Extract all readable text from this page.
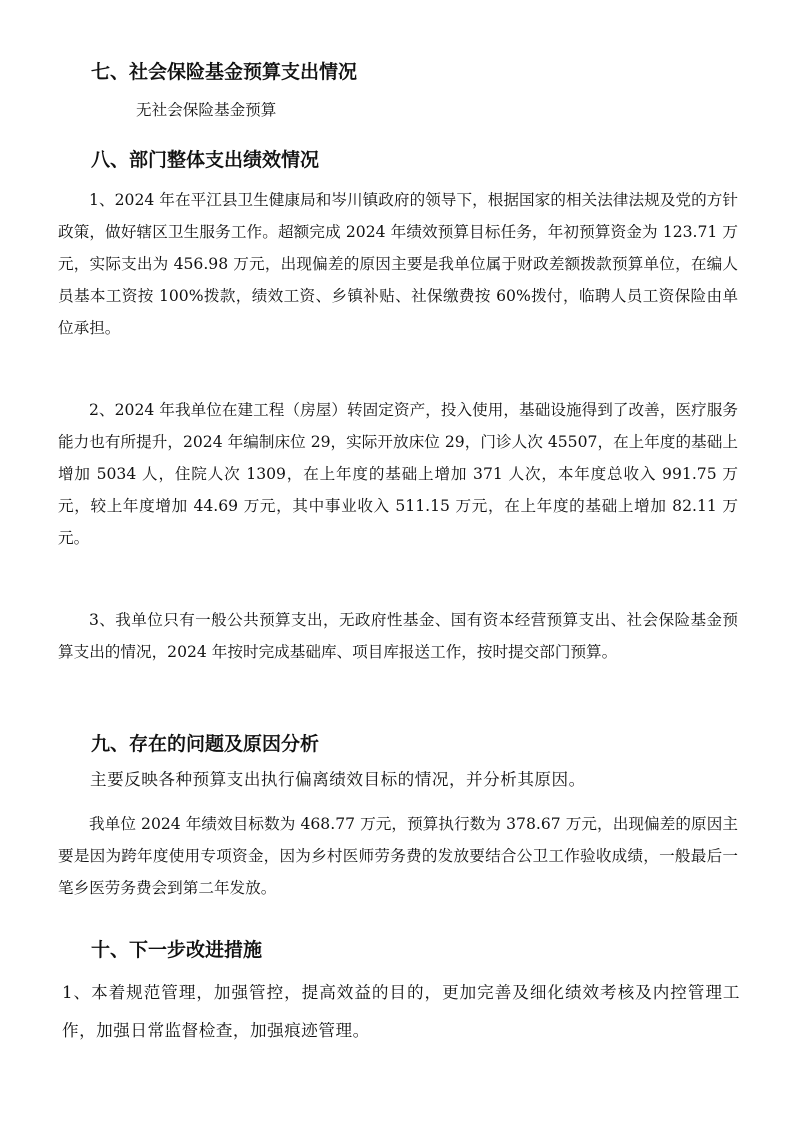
七、社会保险基金预算支出情况

无社会保险基金预算

八、部门整体支出绩效情况

1、2024 年在平江县卫生健康局和岑川镇政府的领导下，根据国家的相关法律法规及党的方针政策，做好辖区卫生服务工作。超额完成 2024 年绩效预算目标任务，年初预算资金为 123.71 万元，实际支出为 456.98 万元，出现偏差的原因主要是我单位属于财政差额拨款预算单位，在编人员基本工资按 100%拨款，绩效工资、乡镇补贴、社保缴费按 60%拨付，临聘人员工资保险由单位承担。

2、2024 年我单位在建工程（房屋）转固定资产，投入使用，基础设施得到了改善，医疗服务能力也有所提升，2024 年编制床位 29，实际开放床位 29，门诊人次 45507，在上年度的基础上增加 5034 人，住院人次 1309，在上年度的基础上增加 371 人次，本年度总收入 991.75 万元，较上年度增加 44.69 万元，其中事业收入 511.15 万元，在上年度的基础上增加 82.11 万元。

3、我单位只有一般公共预算支出，无政府性基金、国有资本经营预算支出、社会保险基金预算支出的情况，2024 年按时完成基础库、项目库报送工作，按时提交部门预算。

九、存在的问题及原因分析

主要反映各种预算支出执行偏离绩效目标的情况，并分析其原因。

我单位 2024 年绩效目标数为 468.77 万元，预算执行数为 378.67 万元，出现偏差的原因主要是因为跨年度使用专项资金，因为乡村医师劳务费的发放要结合公卫工作验收成绩，一般最后一笔乡医劳务费会到第二年发放。

十、下一步改进措施

1、本着规范管理，加强管控，提高效益的目的，更加完善及细化绩效考核及内控管理工作，加强日常监督检查，加强痕迹管理。
